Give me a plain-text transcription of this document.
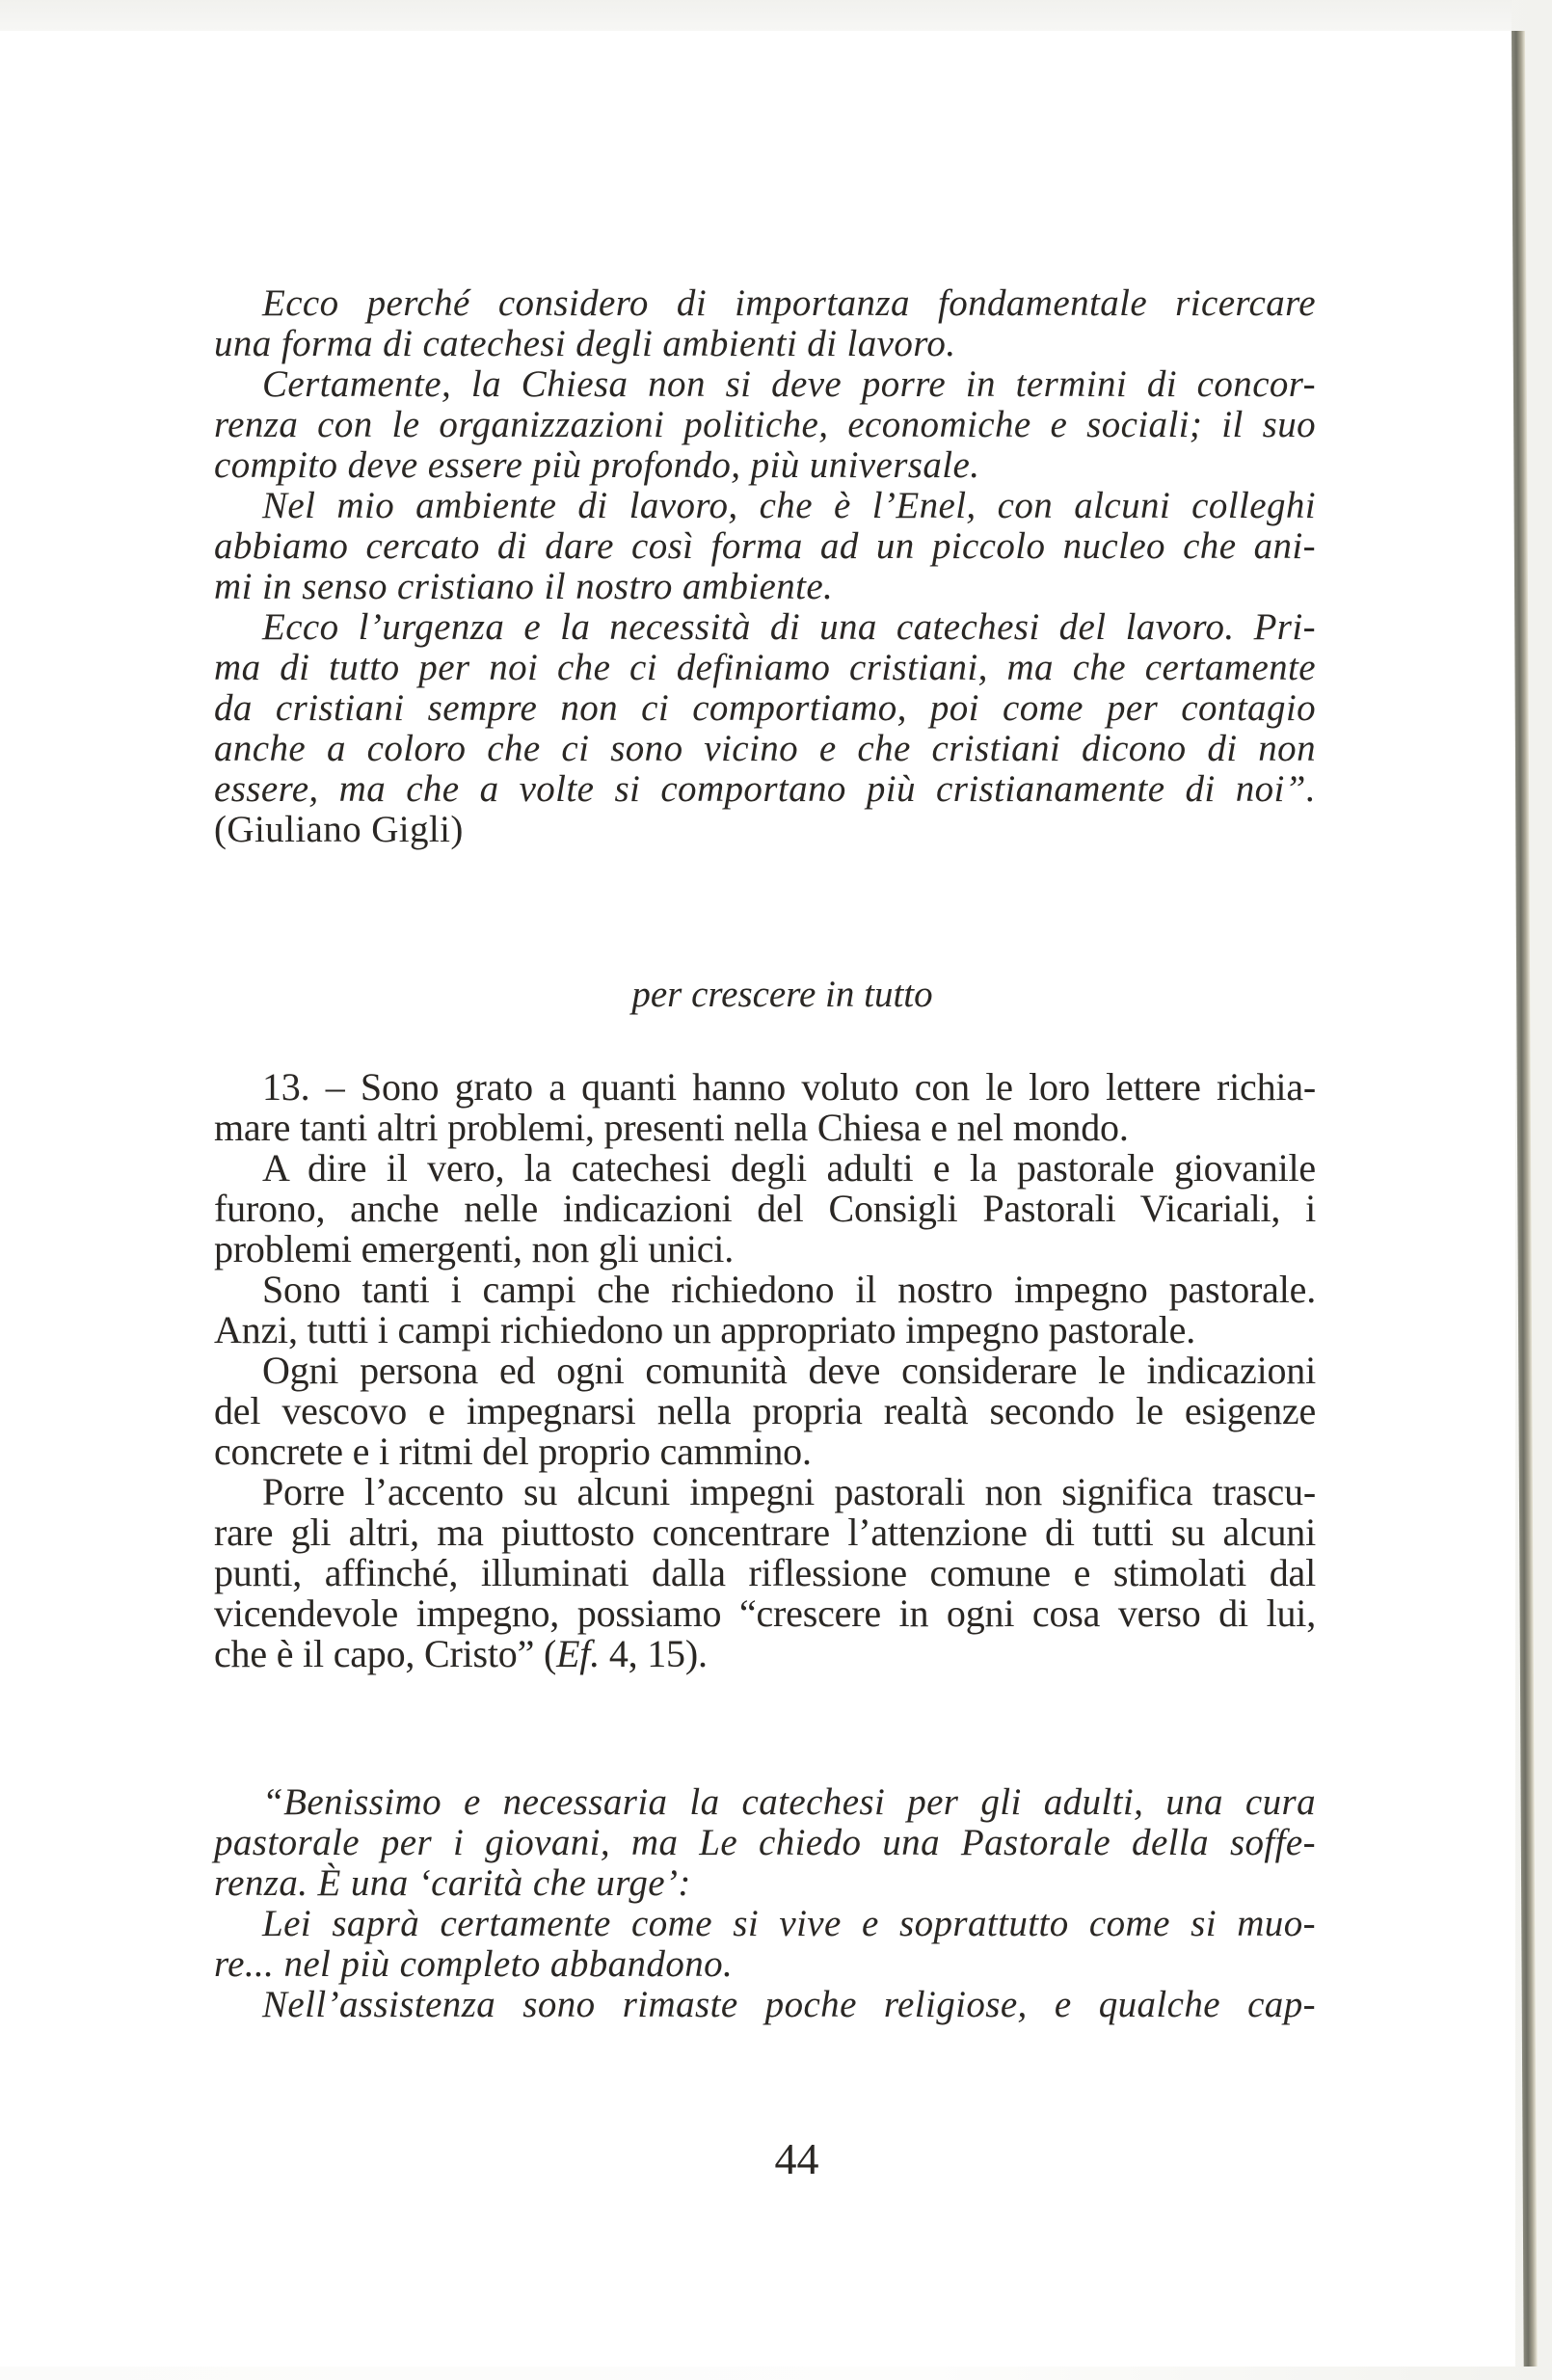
Ecco perché considero di importanza fondamentale ricercare
una forma di catechesi degli ambienti di lavoro.
Certamente, la Chiesa non si deve porre in termini di concor-
renza con le organizzazioni politiche, economiche e sociali; il suo
compito deve essere più profondo, più universale.
Nel mio ambiente di lavoro, che è l’Enel, con alcuni colleghi
abbiamo cercato di dare così forma ad un piccolo nucleo che ani-
mi in senso cristiano il nostro ambiente.
Ecco l’urgenza e la necessità di una catechesi del lavoro. Pri-
ma di tutto per noi che ci definiamo cristiani, ma che certamente
da cristiani sempre non ci comportiamo, poi come per contagio
anche a coloro che ci sono vicino e che cristiani dicono di non
essere, ma che a volte si comportano più cristianamente di noi”.
(Giuliano Gigli)
per crescere in tutto
13. – Sono grato a quanti hanno voluto con le loro lettere richia-
mare tanti altri problemi, presenti nella Chiesa e nel mondo.
A dire il vero, la catechesi degli adulti e la pastorale giovanile
furono, anche nelle indicazioni del Consigli Pastorali Vicariali, i
problemi emergenti, non gli unici.
Sono tanti i campi che richiedono il nostro impegno pastorale.
Anzi, tutti i campi richiedono un appropriato impegno pastorale.
Ogni persona ed ogni comunità deve considerare le indicazioni
del vescovo e impegnarsi nella propria realtà secondo le esigenze
concrete e i ritmi del proprio cammino.
Porre l’accento su alcuni impegni pastorali non significa trascu-
rare gli altri, ma piuttosto concentrare l’attenzione di tutti su alcuni
punti, affinché, illuminati dalla riflessione comune e stimolati dal
vicendevole impegno, possiamo “crescere in ogni cosa verso di lui,
che è il capo, Cristo” (Ef. 4, 15).
“Benissimo e necessaria la catechesi per gli adulti, una cura
pastorale per i giovani, ma Le chiedo una Pastorale della soffe-
renza. È una ‘carità che urge’:
Lei saprà certamente come si vive e soprattutto come si muo-
re... nel più completo abbandono.
Nell’assistenza sono rimaste poche religiose, e qualche cap-
44
